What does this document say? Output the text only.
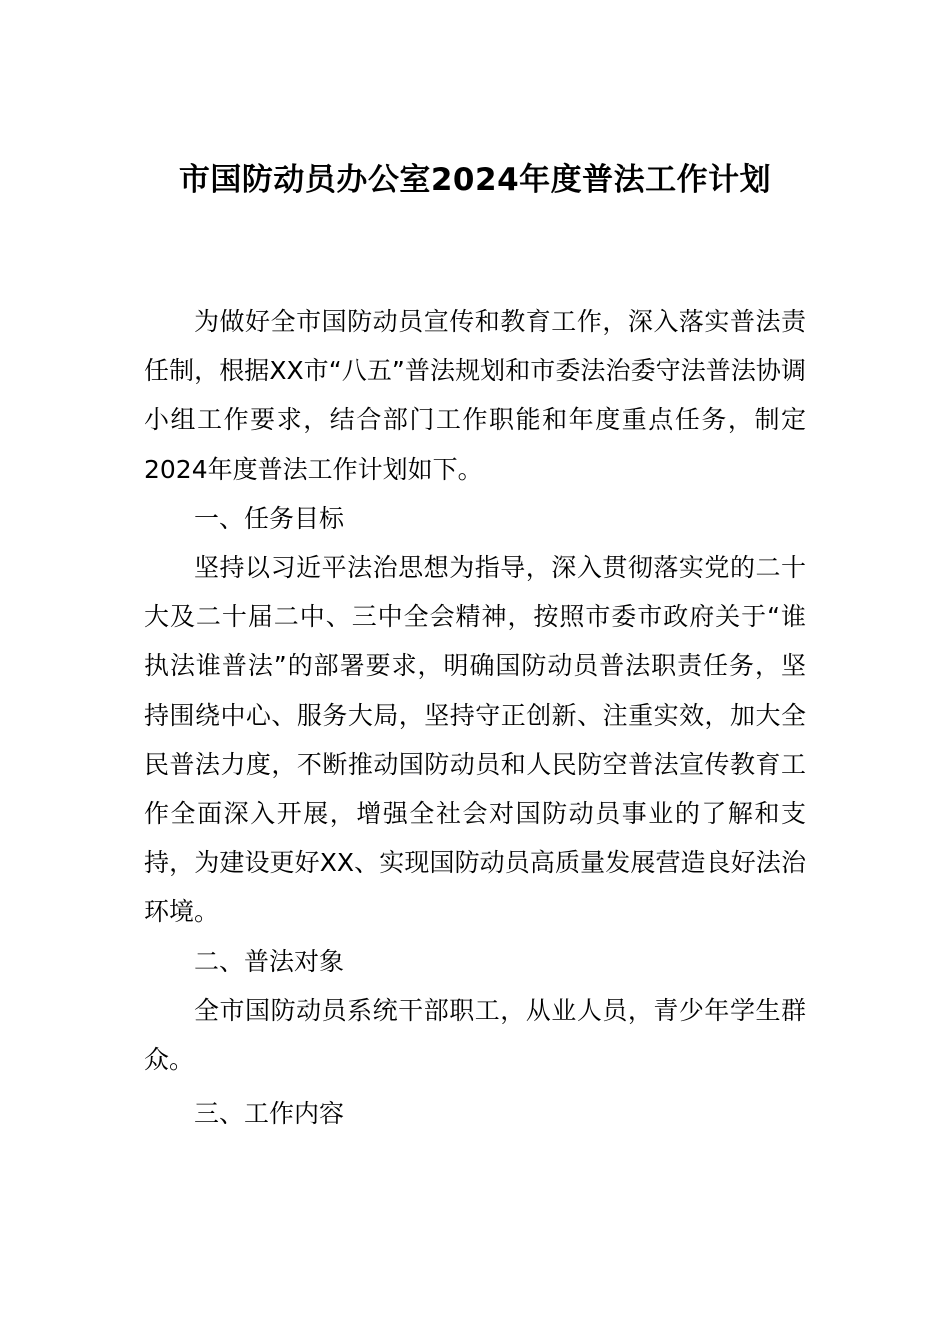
市国防动员办公室2024年度普法工作计划

为做好全市国防动员宣传和教育工作，深入落实普法责任制，根据XX市“八五”普法规划和市委法治委守法普法协调小组工作要求，结合部门工作职能和年度重点任务，制定2024年度普法工作计划如下。

一、任务目标

坚持以习近平法治思想为指导，深入贯彻落实党的二十大及二十届二中、三中全会精神，按照市委市政府关于“谁执法谁普法”的部署要求，明确国防动员普法职责任务，坚持围绕中心、服务大局，坚持守正创新、注重实效，加大全民普法力度，不断推动国防动员和人民防空普法宣传教育工作全面深入开展，增强全社会对国防动员事业的了解和支持，为建设更好XX、实现国防动员高质量发展营造良好法治环境。

二、普法对象

全市国防动员系统干部职工，从业人员，青少年学生群众。

三、工作内容
